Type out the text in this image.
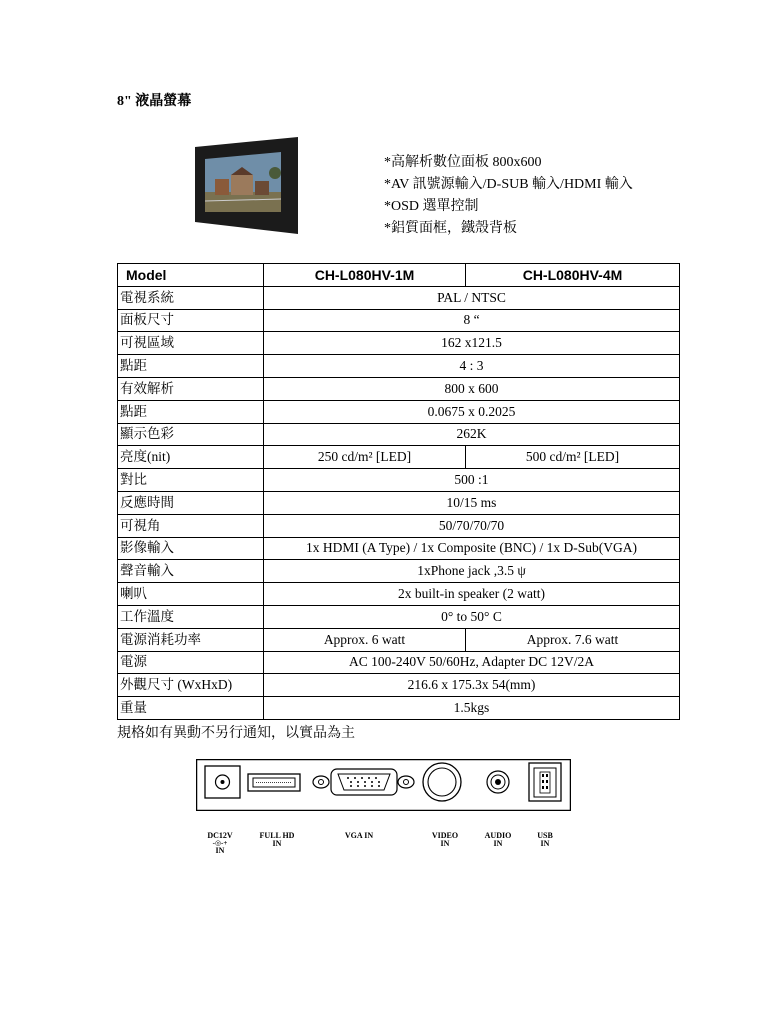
8" 液晶螢幕
*高解析數位面板 800x600
*AV 訊號源輸入/D-SUB 輸入/HDMI 輸入
*OSD 選單控制
*鋁質面框，鐵殼背板
Model	CH-L080HV-1M	CH-L080HV-4M
電視系統	PAL / NTSC	
面板尺寸	8 “	
可視區域	162 x121.5	
點距	4 : 3	
有效解析	800 x 600	
點距	0.0675 x 0.2025	
顯示色彩	262K	
亮度(nit)	250 cd/m² [LED]	500 cd/m² [LED]
對比	500 :1	
反應時間	10/15 ms	
可視角	50/70/70/70	
影像輸入	1x HDMI (A Type) / 1x Composite (BNC) / 1x D-Sub(VGA)	
聲音輸入	1xPhone jack ,3.5 ψ	
喇叭	2x built-in speaker (2 watt)	
工作溫度	0° to 50° C	
電源消耗功率	Approx. 6 watt	Approx. 7.6 watt
電源	AC 100-240V 50/60Hz, Adapter DC 12V/2A	
外觀尺寸 (WxHxD)	216.6 x 175.3x 54(mm)	
重量	1.5kgs	
規格如有異動不另行通知，以實品為主
DC12V
-◎-+
IN
FULL HD
IN
VGA IN	VIDEO
IN
AUDIO
IN
USB
IN
